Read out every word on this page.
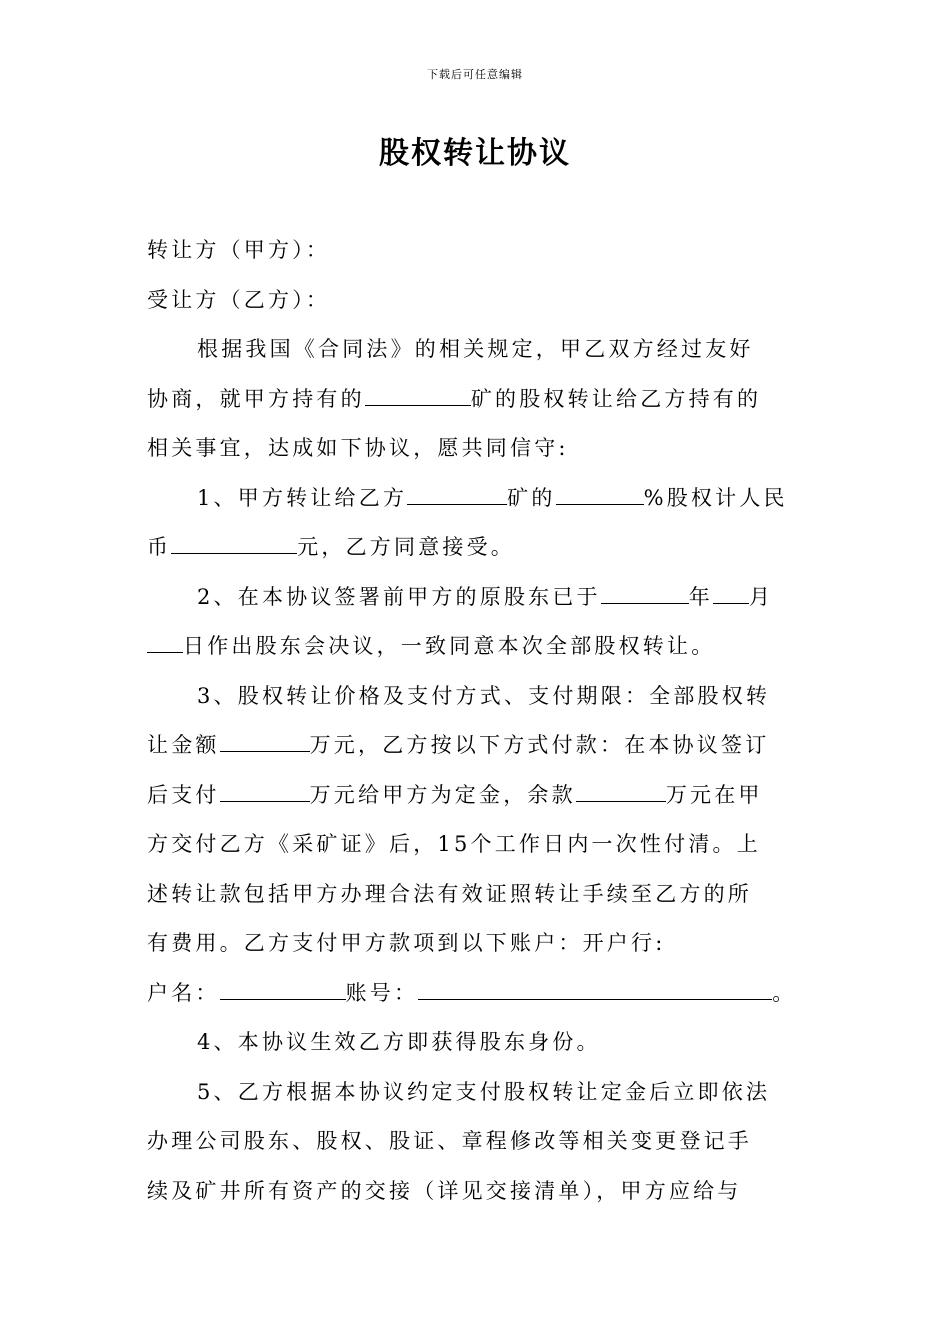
下载后可任意编辑
股权转让协议
转让方（甲方）：
受让方（乙方）：
根据我国《合同法》的相关规定，甲乙双方经过友好
协商，就甲方持有的	矿的股权转让给乙方持有的
相关事宜，达成如下协议，愿共同信守:
1、甲方转让给乙方	矿的	%股权计人民
币	元，乙方同意接受。
2、在本协议签署前甲方的原股东已于	年 月
日作出股东会决议，一致同意本次全部股权转让。
3、股权转让价格及支付方式、支付期限：全部股权转
让金额	万元，乙方按以下方式付款：在本协议签订
后支付	万元给甲方为定金，余款	万元在甲
方交付乙方《采矿证》后，15个工作日内一次性付清。上
述转让款包括甲方办理合法有效证照转让手续至乙方的所
有费用。乙方支付甲方款项到以下账户：开户行:
户名：	账号：	。
4、本协议生效乙方即获得股东身份。
5、乙方根据本协议约定支付股权转让定金后立即依法
办理公司股东、股权、股证、章程修改等相关变更登记手
续及矿井所有资产的交接（详见交接清单），甲方应给与
